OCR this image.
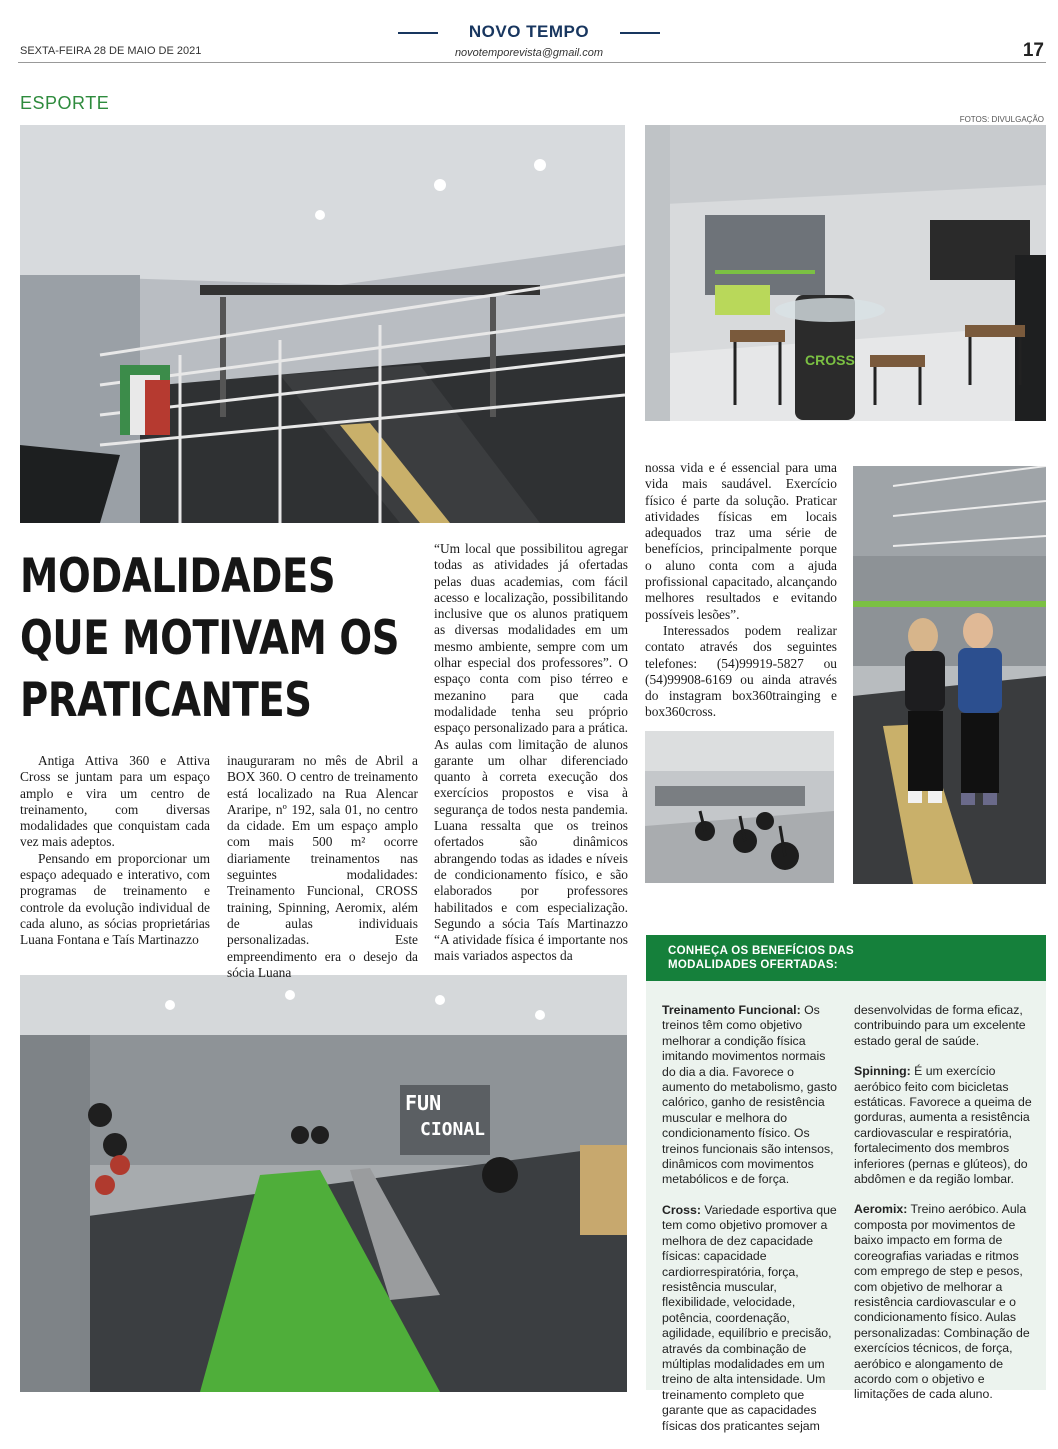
NOVO TEMPO
novotemporevista@gmail.com
SEXTA-FEIRA 28 DE MAIO DE 2021	17
ESPORTE
FOTOS: DIVULGAÇÃO
CROSS
FUN
CIONAL
MODALIDADES
QUE MOTIVAM OS
PRATICANTES

Antiga Attiva 360 e Attiva Cross se juntam para um espaço amplo e vira um centro de treinamento, com diversas modalidades que conquistam cada vez mais adeptos.

Pensando em proporcionar um espaço adequado e interativo, com programas de treinamento e controle da evolução individual de cada aluno, as sócias proprietárias Luana Fontana e Taís Martinazzo

inauguraram no mês de Abril a BOX 360. O centro de treinamento está localizado na Rua Alencar Araripe, nº 192, sala 01, no centro da cidade. Em um espaço amplo com mais 500 m² ocorre diariamente treinamentos nas seguintes modalidades: Treinamento Funcional, CROSS training, Spinning, Aeromix, além de aulas individuais personalizadas. Este empreendimento era o desejo da sócia Luana

“Um local que possibilitou agregar todas as atividades já ofertadas pelas duas academias, com fácil acesso e localização, possibilitando inclusive que os alunos pratiquem as diversas modalidades em um mesmo ambiente, sempre com um olhar especial dos professores”. O espaço conta com piso térreo e mezanino para que cada modalidade tenha seu próprio espaço personalizado para a prática. As aulas com limitação de alunos garante um olhar diferenciado quanto à correta execução dos exercícios propostos e visa à segurança de todos nesta pandemia. Luana ressalta que os treinos ofertados são dinâmicos abrangendo todas as idades e níveis de condicionamento físico, e são elaborados por professores habilitados e com especialização. Segundo a sócia Taís Martinazzo “A atividade física é importante nos mais variados aspectos da

nossa vida e é essencial para uma vida mais saudável. Exercício físico é parte da solução. Praticar atividades físicas em locais adequados traz uma série de benefícios, principalmente porque o aluno conta com a ajuda profissional capacitado, alcançando melhores resultados e evitando possíveis lesões”.

Interessados podem realizar contato através dos seguintes telefones: (54)99919-5827 ou (54)99908-6169 ou ainda através do instagram box360trainging e box360cross.

CONHEÇA OS BENEFÍCIOS DAS
MODALIDADES OFERTADAS:

Treinamento Funcional: Os treinos têm como objetivo melhorar a condição física imitando movimentos normais do dia a dia. Favorece o aumento do metabolismo, gasto calórico, ganho de resistência muscular e melhora do condicionamento físico. Os treinos funcionais são intensos, dinâmicos com movimentos metabólicos e de força.

Cross: Variedade esportiva que tem como objetivo promover a melhora de dez capacidade físicas: capacidade cardiorrespiratória, força, resistência muscular, flexibilidade, velocidade, potência, coordenação, agilidade, equilíbrio e precisão, através da combinação de múltiplas modalidades em um treino de alta intensidade. Um treinamento completo que garante que as capacidades físicas dos praticantes sejam

desenvolvidas de forma eficaz, contribuindo para um excelente estado geral de saúde.

Spinning: É um exercício aeróbico feito com bicicletas estáticas. Favorece a queima de gorduras, aumenta a resistência cardiovascular e respiratória, fortalecimento dos membros inferiores (pernas e glúteos), do abdômen e da região lombar.

Aeromix: Treino aeróbico. Aula composta por movimentos de baixo impacto em forma de coreografias variadas e ritmos com emprego de step e pesos, com objetivo de melhorar a resistência cardiovascular e o condicionamento físico. Aulas personalizadas: Combinação de exercícios técnicos, de força, aeróbico e alongamento de acordo com o objetivo e limitações de cada aluno.
